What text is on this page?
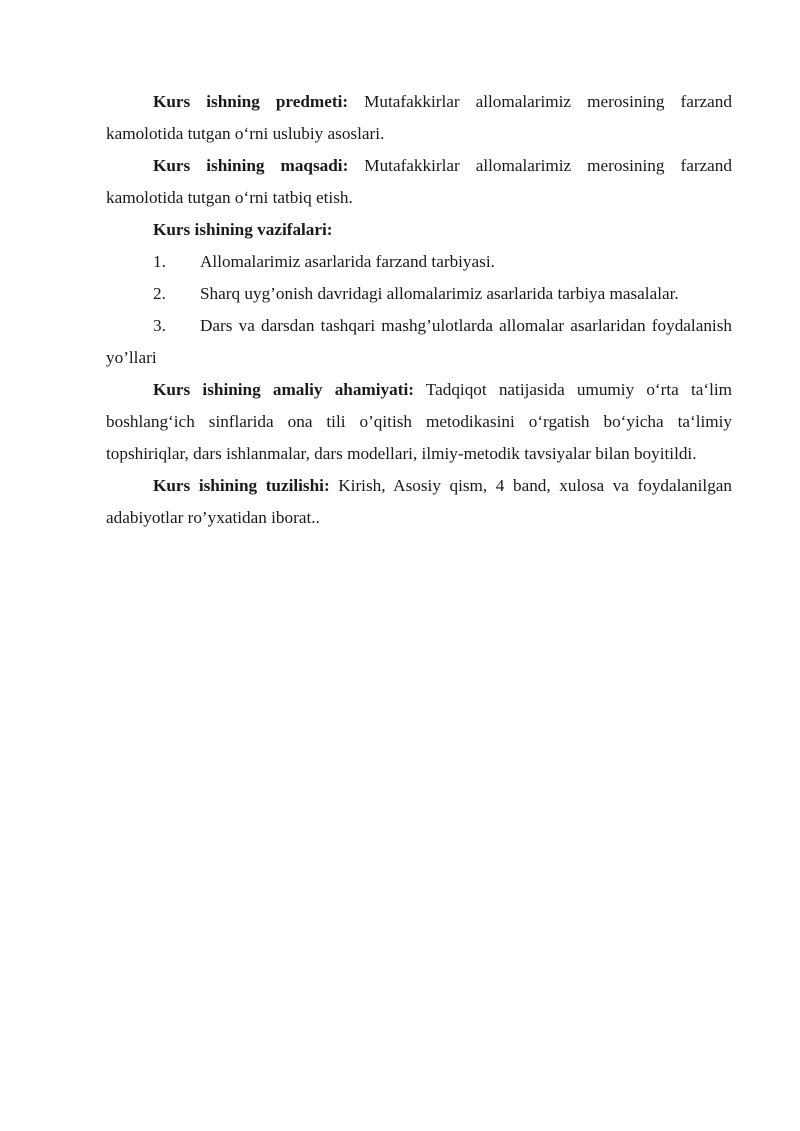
Kurs ishning predmeti: Mutafakkirlar allomalarimiz merosining farzand kamolotida tutgan o‘rni uslubiy asoslari.

Kurs ishining maqsadi: Mutafakkirlar allomalarimiz merosining farzand kamolotida tutgan o‘rni tatbiq etish.

Kurs ishining vazifalari:

1. Allomalarimiz asarlarida farzand tarbiyasi.

2. Sharq uyg’onish davridagi allomalarimiz asarlarida tarbiya masalalar.

3. Dars va darsdan tashqari mashg’ulotlarda allomalar asarlaridan foydalanish yo’llari

Kurs ishining amaliy ahamiyati: Tadqiqot natijasida umumiy o‘rta ta‘lim boshlang‘ich sinflarida ona tili o’qitish metodikasini o‘rgatish bo‘yicha ta‘limiy topshiriqlar, dars ishlanmalar, dars modellari, ilmiy-metodik tavsiyalar bilan boyitildi.

Kurs ishining tuzilishi: Kirish, Asosiy qism, 4 band, xulosa va foydalanilgan adabiyotlar ro’yxatidan iborat..
